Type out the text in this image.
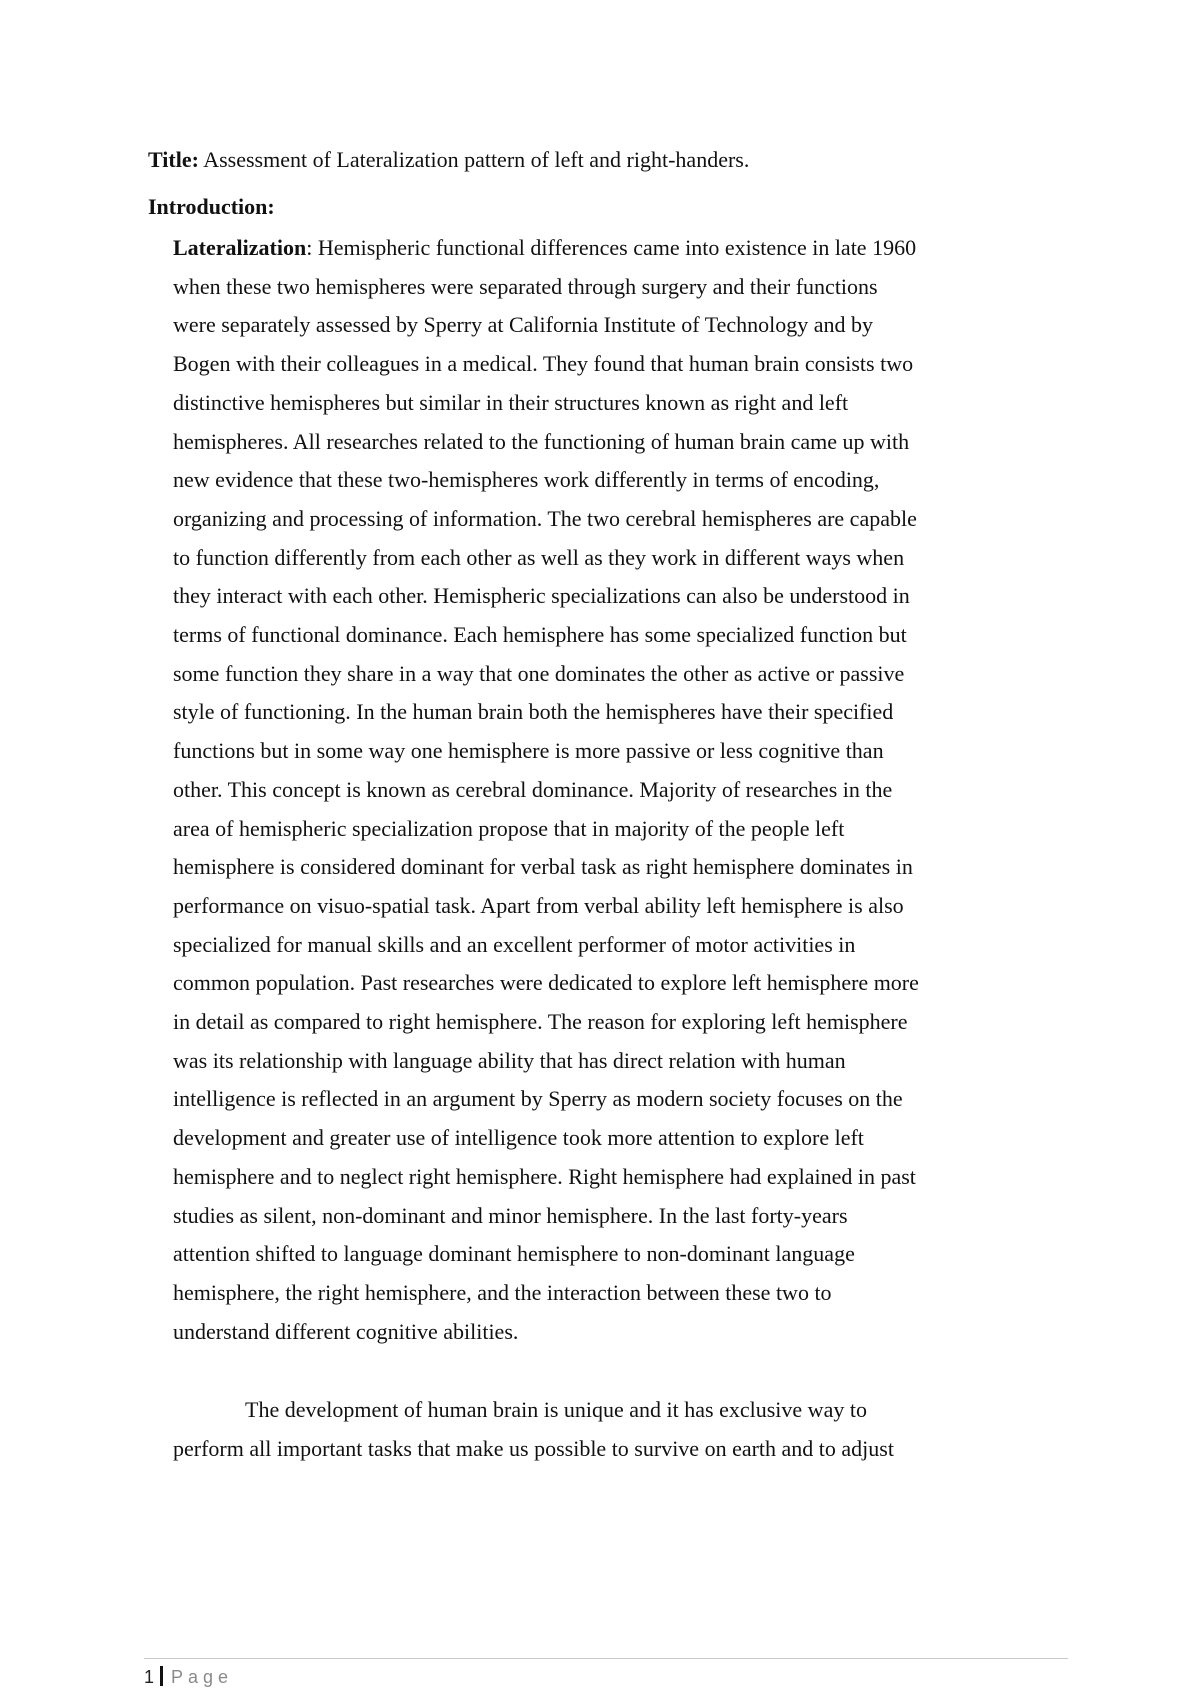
Title: Assessment of Lateralization pattern of left and right-handers.
Introduction:
Lateralization: Hemispheric functional differences came into existence in late 1960
when these two hemispheres were separated through surgery and their functions
were separately assessed by Sperry at California Institute of Technology and by
Bogen with their colleagues in a medical. They found that human brain consists two
distinctive hemispheres but similar in their structures known as right and left
hemispheres. All researches related to the functioning of human brain came up with
new evidence that these two-hemispheres work differently in terms of encoding,
organizing and processing of information. The two cerebral hemispheres are capable
to function differently from each other as well as they work in different ways when
they interact with each other. Hemispheric specializations can also be understood in
terms of functional dominance. Each hemisphere has some specialized function but
some function they share in a way that one dominates the other as active or passive
style of functioning. In the human brain both the hemispheres have their specified
functions but in some way one hemisphere is more passive or less cognitive than
other. This concept is known as cerebral dominance. Majority of researches in the
area of hemispheric specialization propose that in majority of the people left
hemisphere is considered dominant for verbal task as right hemisphere dominates in
performance on visuo-spatial task. Apart from verbal ability left hemisphere is also
specialized for manual skills and an excellent performer of motor activities in
common population. Past researches were dedicated to explore left hemisphere more
in detail as compared to right hemisphere. The reason for exploring left hemisphere
was its relationship with language ability that has direct relation with human
intelligence is reflected in an argument by Sperry as modern society focuses on the
development and greater use of intelligence took more attention to explore left
hemisphere and to neglect right hemisphere. Right hemisphere had explained in past
studies as silent, non-dominant and minor hemisphere. In the last forty-years
attention shifted to language dominant hemisphere to non-dominant language
hemisphere, the right hemisphere, and the interaction between these two to
understand different cognitive abilities.
The development of human brain is unique and it has exclusive way to
perform all important tasks that make us possible to survive on earth and to adjust
1 Page
